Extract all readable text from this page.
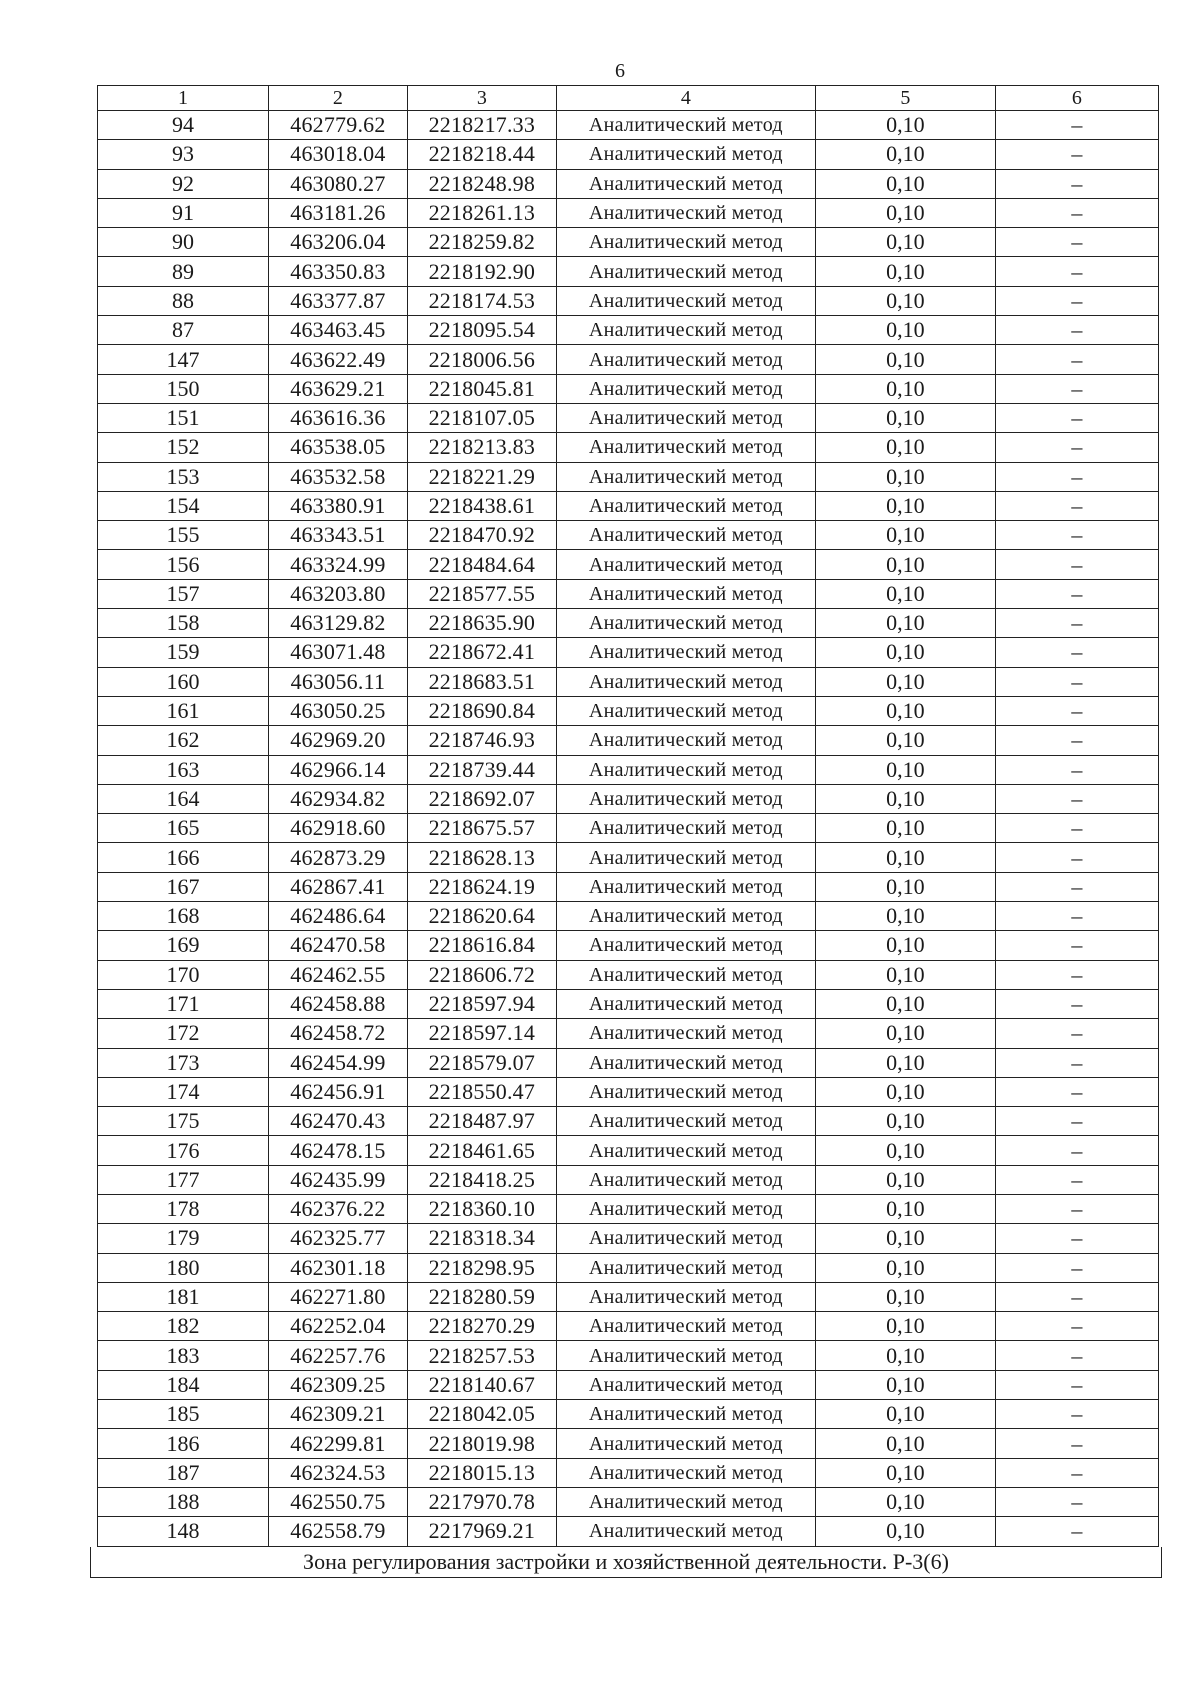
6
1	2	3	4	5	6
94	462779.62	2218217.33	Аналитический метод	0,10	–
93	463018.04	2218218.44	Аналитический метод	0,10	–
92	463080.27	2218248.98	Аналитический метод	0,10	–
91	463181.26	2218261.13	Аналитический метод	0,10	–
90	463206.04	2218259.82	Аналитический метод	0,10	–
89	463350.83	2218192.90	Аналитический метод	0,10	–
88	463377.87	2218174.53	Аналитический метод	0,10	–
87	463463.45	2218095.54	Аналитический метод	0,10	–
147	463622.49	2218006.56	Аналитический метод	0,10	–
150	463629.21	2218045.81	Аналитический метод	0,10	–
151	463616.36	2218107.05	Аналитический метод	0,10	–
152	463538.05	2218213.83	Аналитический метод	0,10	–
153	463532.58	2218221.29	Аналитический метод	0,10	–
154	463380.91	2218438.61	Аналитический метод	0,10	–
155	463343.51	2218470.92	Аналитический метод	0,10	–
156	463324.99	2218484.64	Аналитический метод	0,10	–
157	463203.80	2218577.55	Аналитический метод	0,10	–
158	463129.82	2218635.90	Аналитический метод	0,10	–
159	463071.48	2218672.41	Аналитический метод	0,10	–
160	463056.11	2218683.51	Аналитический метод	0,10	–
161	463050.25	2218690.84	Аналитический метод	0,10	–
162	462969.20	2218746.93	Аналитический метод	0,10	–
163	462966.14	2218739.44	Аналитический метод	0,10	–
164	462934.82	2218692.07	Аналитический метод	0,10	–
165	462918.60	2218675.57	Аналитический метод	0,10	–
166	462873.29	2218628.13	Аналитический метод	0,10	–
167	462867.41	2218624.19	Аналитический метод	0,10	–
168	462486.64	2218620.64	Аналитический метод	0,10	–
169	462470.58	2218616.84	Аналитический метод	0,10	–
170	462462.55	2218606.72	Аналитический метод	0,10	–
171	462458.88	2218597.94	Аналитический метод	0,10	–
172	462458.72	2218597.14	Аналитический метод	0,10	–
173	462454.99	2218579.07	Аналитический метод	0,10	–
174	462456.91	2218550.47	Аналитический метод	0,10	–
175	462470.43	2218487.97	Аналитический метод	0,10	–
176	462478.15	2218461.65	Аналитический метод	0,10	–
177	462435.99	2218418.25	Аналитический метод	0,10	–
178	462376.22	2218360.10	Аналитический метод	0,10	–
179	462325.77	2218318.34	Аналитический метод	0,10	–
180	462301.18	2218298.95	Аналитический метод	0,10	–
181	462271.80	2218280.59	Аналитический метод	0,10	–
182	462252.04	2218270.29	Аналитический метод	0,10	–
183	462257.76	2218257.53	Аналитический метод	0,10	–
184	462309.25	2218140.67	Аналитический метод	0,10	–
185	462309.21	2218042.05	Аналитический метод	0,10	–
186	462299.81	2218019.98	Аналитический метод	0,10	–
187	462324.53	2218015.13	Аналитический метод	0,10	–
188	462550.75	2217970.78	Аналитический метод	0,10	–
148	462558.79	2217969.21	Аналитический метод	0,10	–
Зона регулирования застройки и хозяйственной деятельности. Р-3(6)
